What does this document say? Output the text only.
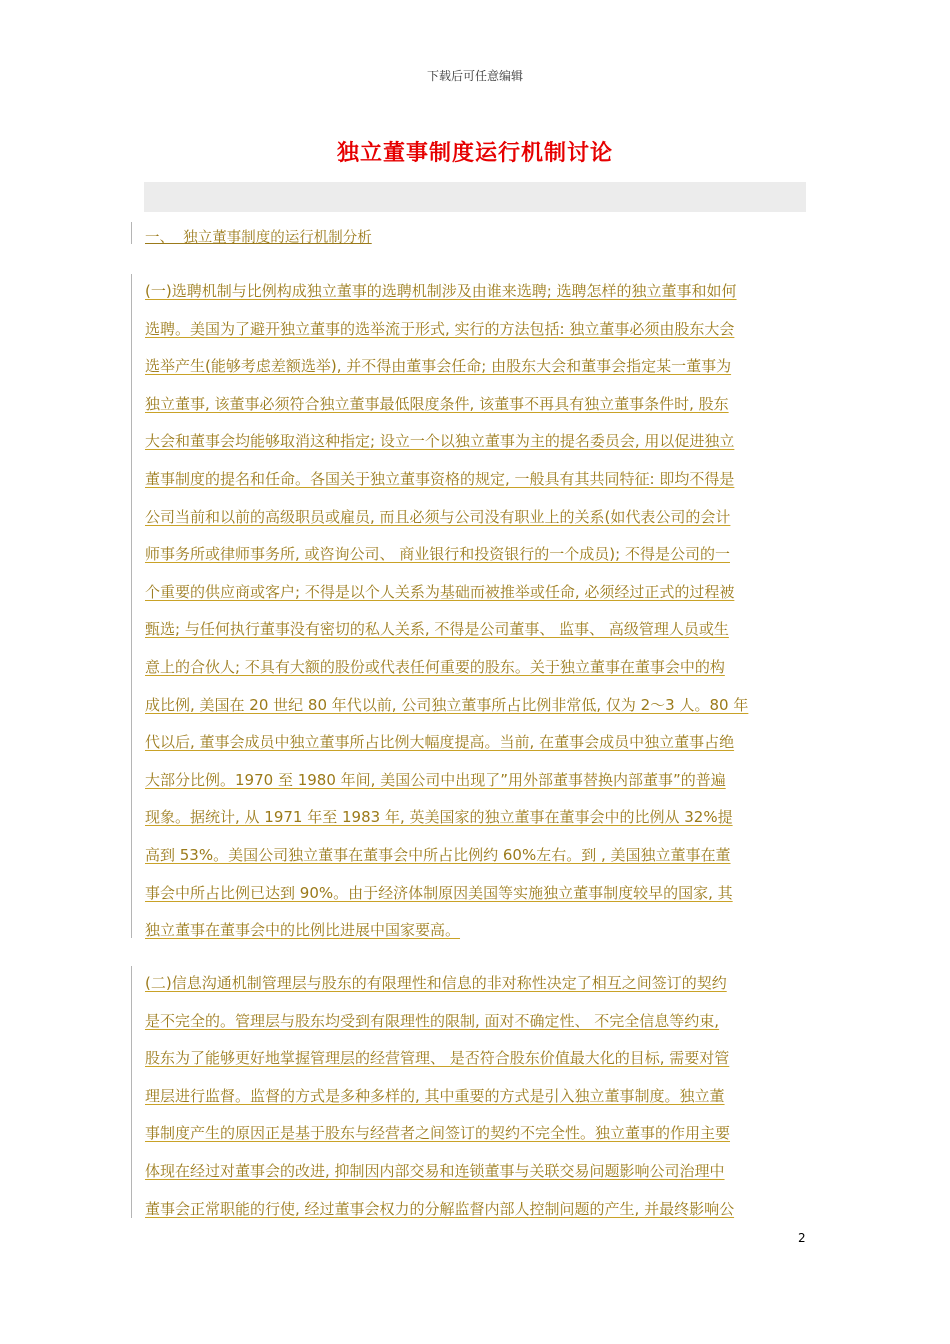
下载后可任意编辑
独立董事制度运行机制讨论
一、  独立董事制度的运行机制分析
(一)选聘机制与比例构成独立董事的选聘机制涉及由谁来选聘; 选聘怎样的独立董事和如何
选聘。美国为了避开独立董事的选举流于形式, 实行的方法包括: 独立董事必须由股东大会
选举产生(能够考虑差额选举), 并不得由董事会任命; 由股东大会和董事会指定某一董事为
独立董事, 该董事必须符合独立董事最低限度条件, 该董事不再具有独立董事条件时, 股东
大会和董事会均能够取消这种指定; 设立一个以独立董事为主的提名委员会, 用以促进独立
董事制度的提名和任命。各国关于独立董事资格的规定, 一般具有其共同特征: 即均不得是
公司当前和以前的高级职员或雇员, 而且必须与公司没有职业上的关系(如代表公司的会计
师事务所或律师事务所, 或咨询公司、 商业银行和投资银行的一个成员); 不得是公司的一
个重要的供应商或客户; 不得是以个人关系为基础而被推举或任命, 必须经过正式的过程被
甄选; 与任何执行董事没有密切的私人关系, 不得是公司董事、 监事、 高级管理人员或生
意上的合伙人; 不具有大额的股份或代表任何重要的股东。关于独立董事在董事会中的构
成比例, 美国在 20 世纪 80 年代以前, 公司独立董事所占比例非常低, 仅为 2～3 人。80 年
代以后, 董事会成员中独立董事所占比例大幅度提高。当前, 在董事会成员中独立董事占绝
大部分比例。1970 至 1980 年间, 美国公司中出现了”用外部董事替换内部董事”的普遍
现象。据统计, 从 1971 年至 1983 年, 英美国家的独立董事在董事会中的比例从 32%提
高到 53%。美国公司独立董事在董事会中所占比例约 60%左右。到 , 美国独立董事在董
事会中所占比例已达到 90%。由于经济体制原因美国等实施独立董事制度较早的国家, 其
独立董事在董事会中的比例比进展中国家要高。
(二)信息沟通机制管理层与股东的有限理性和信息的非对称性决定了相互之间签订的契约
是不完全的。管理层与股东均受到有限理性的限制, 面对不确定性、 不完全信息等约束,
股东为了能够更好地掌握管理层的经营管理、 是否符合股东价值最大化的目标, 需要对管
理层进行监督。监督的方式是多种多样的, 其中重要的方式是引入独立董事制度。独立董
事制度产生的原因正是基于股东与经营者之间签订的契约不完全性。独立董事的作用主要
体现在经过对董事会的改进, 抑制因内部交易和连锁董事与关联交易问题影响公司治理中
董事会正常职能的行使, 经过董事会权力的分解监督内部人控制问题的产生, 并最终影响公
2
